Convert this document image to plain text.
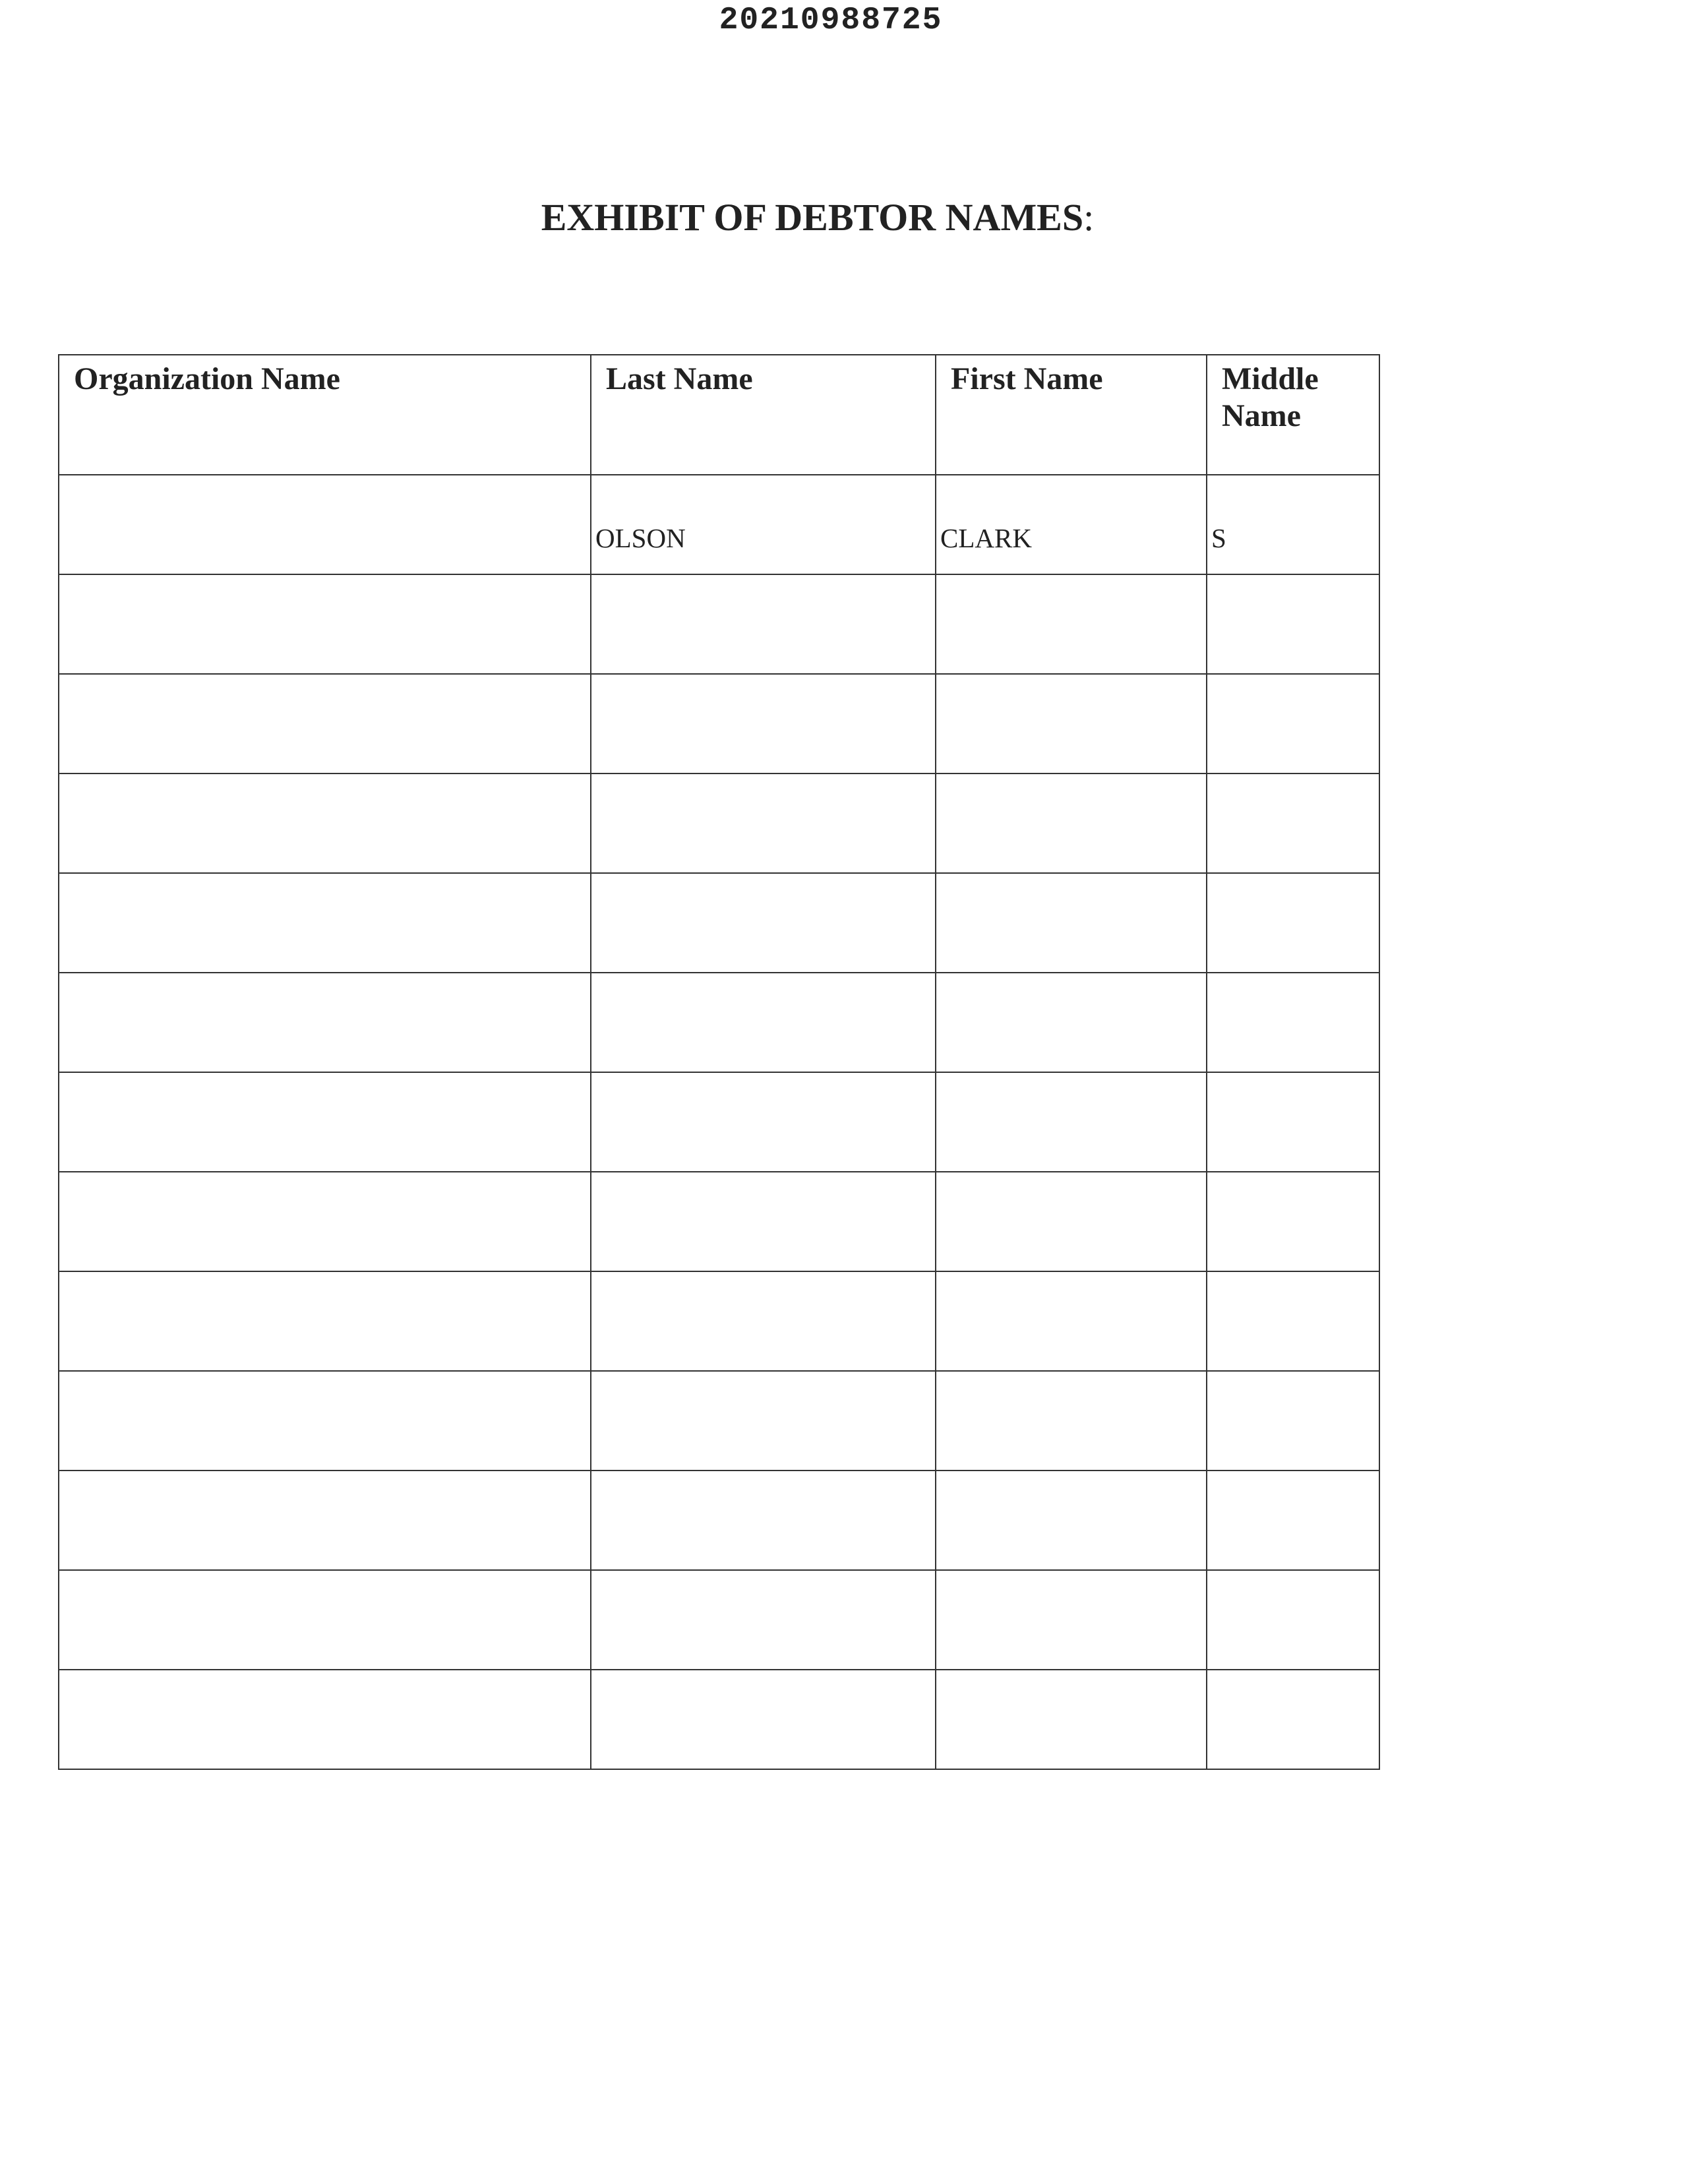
20210988725
EXHIBIT OF DEBTOR NAMES:
Organization Name	Last Name	First Name	Middle Name

	OLSON	CLARK	S
